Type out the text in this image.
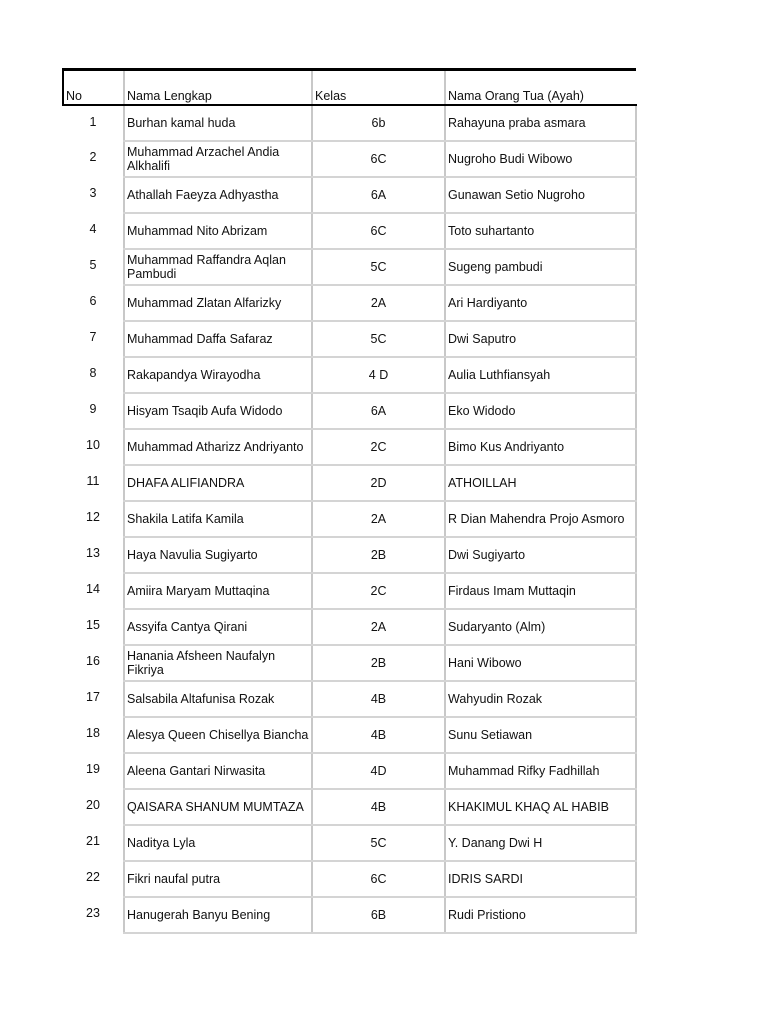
No	Nama Lengkap	Kelas	Nama Orang Tua (Ayah)
1	Burhan kamal huda	6b	Rahayuna praba asmara
2	Muhammad Arzachel Andia Alkhalifi	6C	Nugroho Budi Wibowo
3	Athallah Faeyza Adhyastha	6A	Gunawan Setio Nugroho
4	Muhammad Nito Abrizam	6C	Toto suhartanto
5	Muhammad Raffandra Aqlan Pambudi	5C	Sugeng pambudi
6	Muhammad Zlatan Alfarizky	2A	Ari Hardiyanto
7	Muhammad Daffa Safaraz	5C	Dwi Saputro
8	Rakapandya Wirayodha	4 D	Aulia Luthfiansyah
9	Hisyam Tsaqib Aufa Widodo	6A	Eko Widodo
10	Muhammad Atharizz Andriyanto	2C	Bimo Kus Andriyanto
11	DHAFA ALIFIANDRA	2D	ATHOILLAH
12	Shakila Latifa Kamila	2A	R Dian Mahendra Projo Asmoro
13	Haya Navulia Sugiyarto	2B	Dwi Sugiyarto
14	Amiira Maryam Muttaqina	2C	Firdaus Imam Muttaqin
15	Assyifa Cantya Qirani	2A	Sudaryanto (Alm)
16	Hanania Afsheen Naufalyn Fikriya	2B	Hani Wibowo
17	Salsabila Altafunisa Rozak	4B	Wahyudin Rozak
18	Alesya Queen Chisellya Biancha	4B	Sunu Setiawan
19	Aleena Gantari Nirwasita	4D	Muhammad Rifky Fadhillah
20	QAISARA SHANUM MUMTAZA	4B	KHAKIMUL KHAQ AL HABIB
21	Naditya Lyla	5C	Y. Danang Dwi H
22	Fikri naufal putra	6C	IDRIS SARDI
23	Hanugerah Banyu Bening	6B	Rudi Pristiono
